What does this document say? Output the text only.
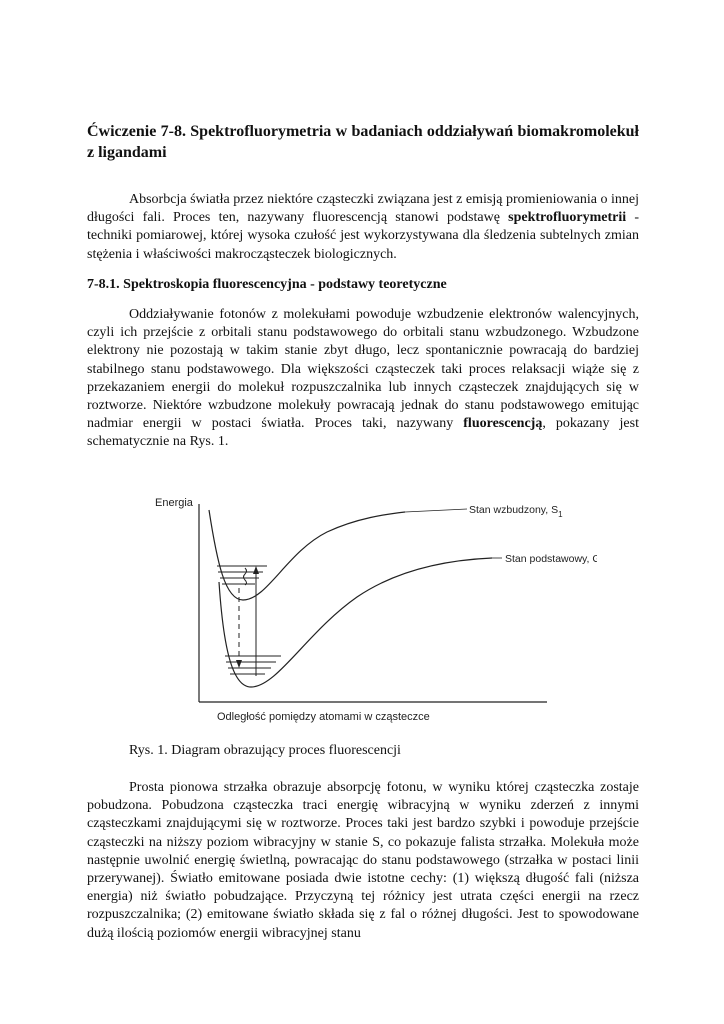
Ćwiczenie 7-8. Spektrofluorymetria w badaniach oddziaływań biomakromolekuł z ligandami

Absorbcja światła przez niektóre cząsteczki związana jest z emisją promieniowania o innej długości fali. Proces ten, nazywany fluorescencją stanowi podstawę spektrofluorymetrii - techniki pomiarowej, której wysoka czułość jest wykorzystywana dla śledzenia subtelnych zmian stężenia i właściwości makrocząsteczek biologicznych.

7-8.1. Spektroskopia fluorescencyjna - podstawy teoretyczne

Oddziaływanie fotonów z molekułami powoduje wzbudzenie elektronów walencyjnych, czyli ich przejście z orbitali stanu podstawowego do orbitali stanu wzbudzonego. Wzbudzone elektrony nie pozostają w takim stanie zbyt długo, lecz spontanicznie powracają do bardziej stabilnego stanu podstawowego. Dla większości cząsteczek taki proces relaksacji wiąże się z przekazaniem energii do molekuł rozpuszczalnika lub innych cząsteczek znajdujących się w roztworze. Niektóre wzbudzone molekuły powracają jednak do stanu podstawowego emitując nadmiar energii w postaci światła. Proces taki, nazywany fluorescencją, pokazany jest schematycznie na Rys. 1.

Energia
Odległość pomiędzy atomami w cząsteczce
Stan wzbudzony, $S_1$
Stan podstawowy, G

Rys. 1. Diagram obrazujący proces fluorescencji

Prosta pionowa strzałka obrazuje absorpcję fotonu, w wyniku której cząsteczka zostaje pobudzona. Pobudzona cząsteczka traci energię wibracyjną w wyniku zderzeń z innymi cząsteczkami znajdującymi się w roztworze. Proces taki jest bardzo szybki i powoduje przejście cząsteczki na niższy poziom wibracyjny w stanie S, co pokazuje falista strzałka. Molekuła może następnie uwolnić energię świetlną, powracając do stanu podstawowego (strzałka w postaci linii przerywanej). Światło emitowane posiada dwie istotne cechy: (1) większą długość fali (niższa energia) niż światło pobudzające. Przyczyną tej różnicy jest utrata części energii na rzecz rozpuszczalnika; (2) emitowane światło składa się z fal o różnej długości. Jest to spowodowane dużą ilością poziomów energii wibracyjnej stanu
